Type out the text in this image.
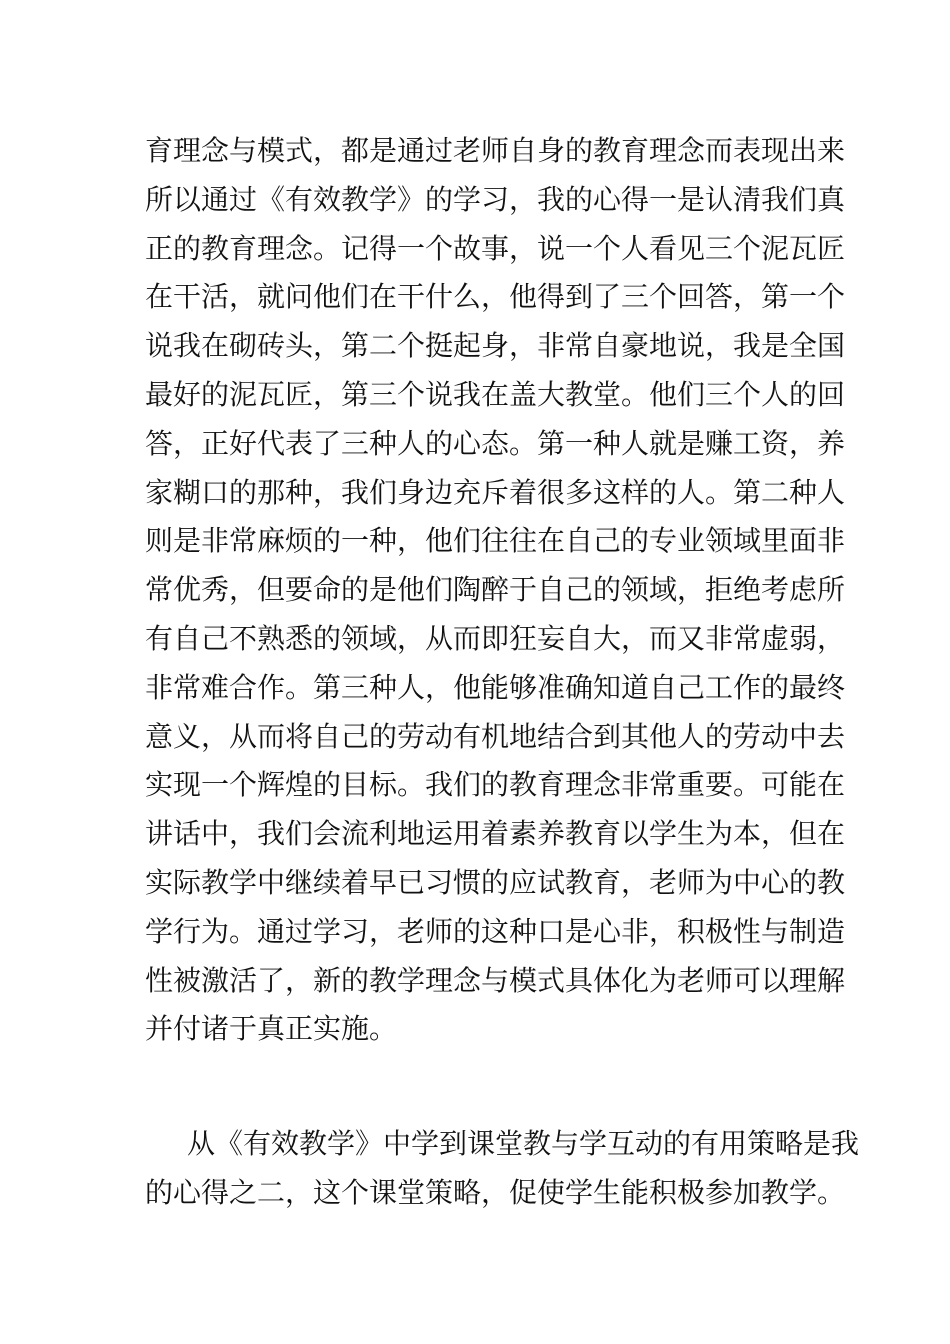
育理念与模式，都是通过老师自身的教育理念而表现出来
所以通过《有效教学》的学习，我的心得一是认清我们真
正的教育理念。记得一个故事，说一个人看见三个泥瓦匠
在干活，就问他们在干什么，他得到了三个回答，第一个
说我在砌砖头，第二个挺起身，非常自豪地说，我是全国
最好的泥瓦匠，第三个说我在盖大教堂。他们三个人的回
答，正好代表了三种人的心态。第一种人就是赚工资，养
家糊口的那种，我们身边充斥着很多这样的人。第二种人
则是非常麻烦的一种，他们往往在自己的专业领域里面非
常优秀，但要命的是他们陶醉于自己的领域，拒绝考虑所
有自己不熟悉的领域，从而即狂妄自大，而又非常虚弱，
非常难合作。第三种人，他能够准确知道自己工作的最终
意义，从而将自己的劳动有机地结合到其他人的劳动中去
实现一个辉煌的目标。我们的教育理念非常重要。可能在
讲话中，我们会流利地运用着素养教育以学生为本，但在
实际教学中继续着早已习惯的应试教育，老师为中心的教
学行为。通过学习，老师的这种口是心非，积极性与制造
性被激活了，新的教学理念与模式具体化为老师可以理解
并付诸于真正实施。
从《有效教学》中学到课堂教与学互动的有用策略是我
的心得之二，这个课堂策略，促使学生能积极参加教学。
